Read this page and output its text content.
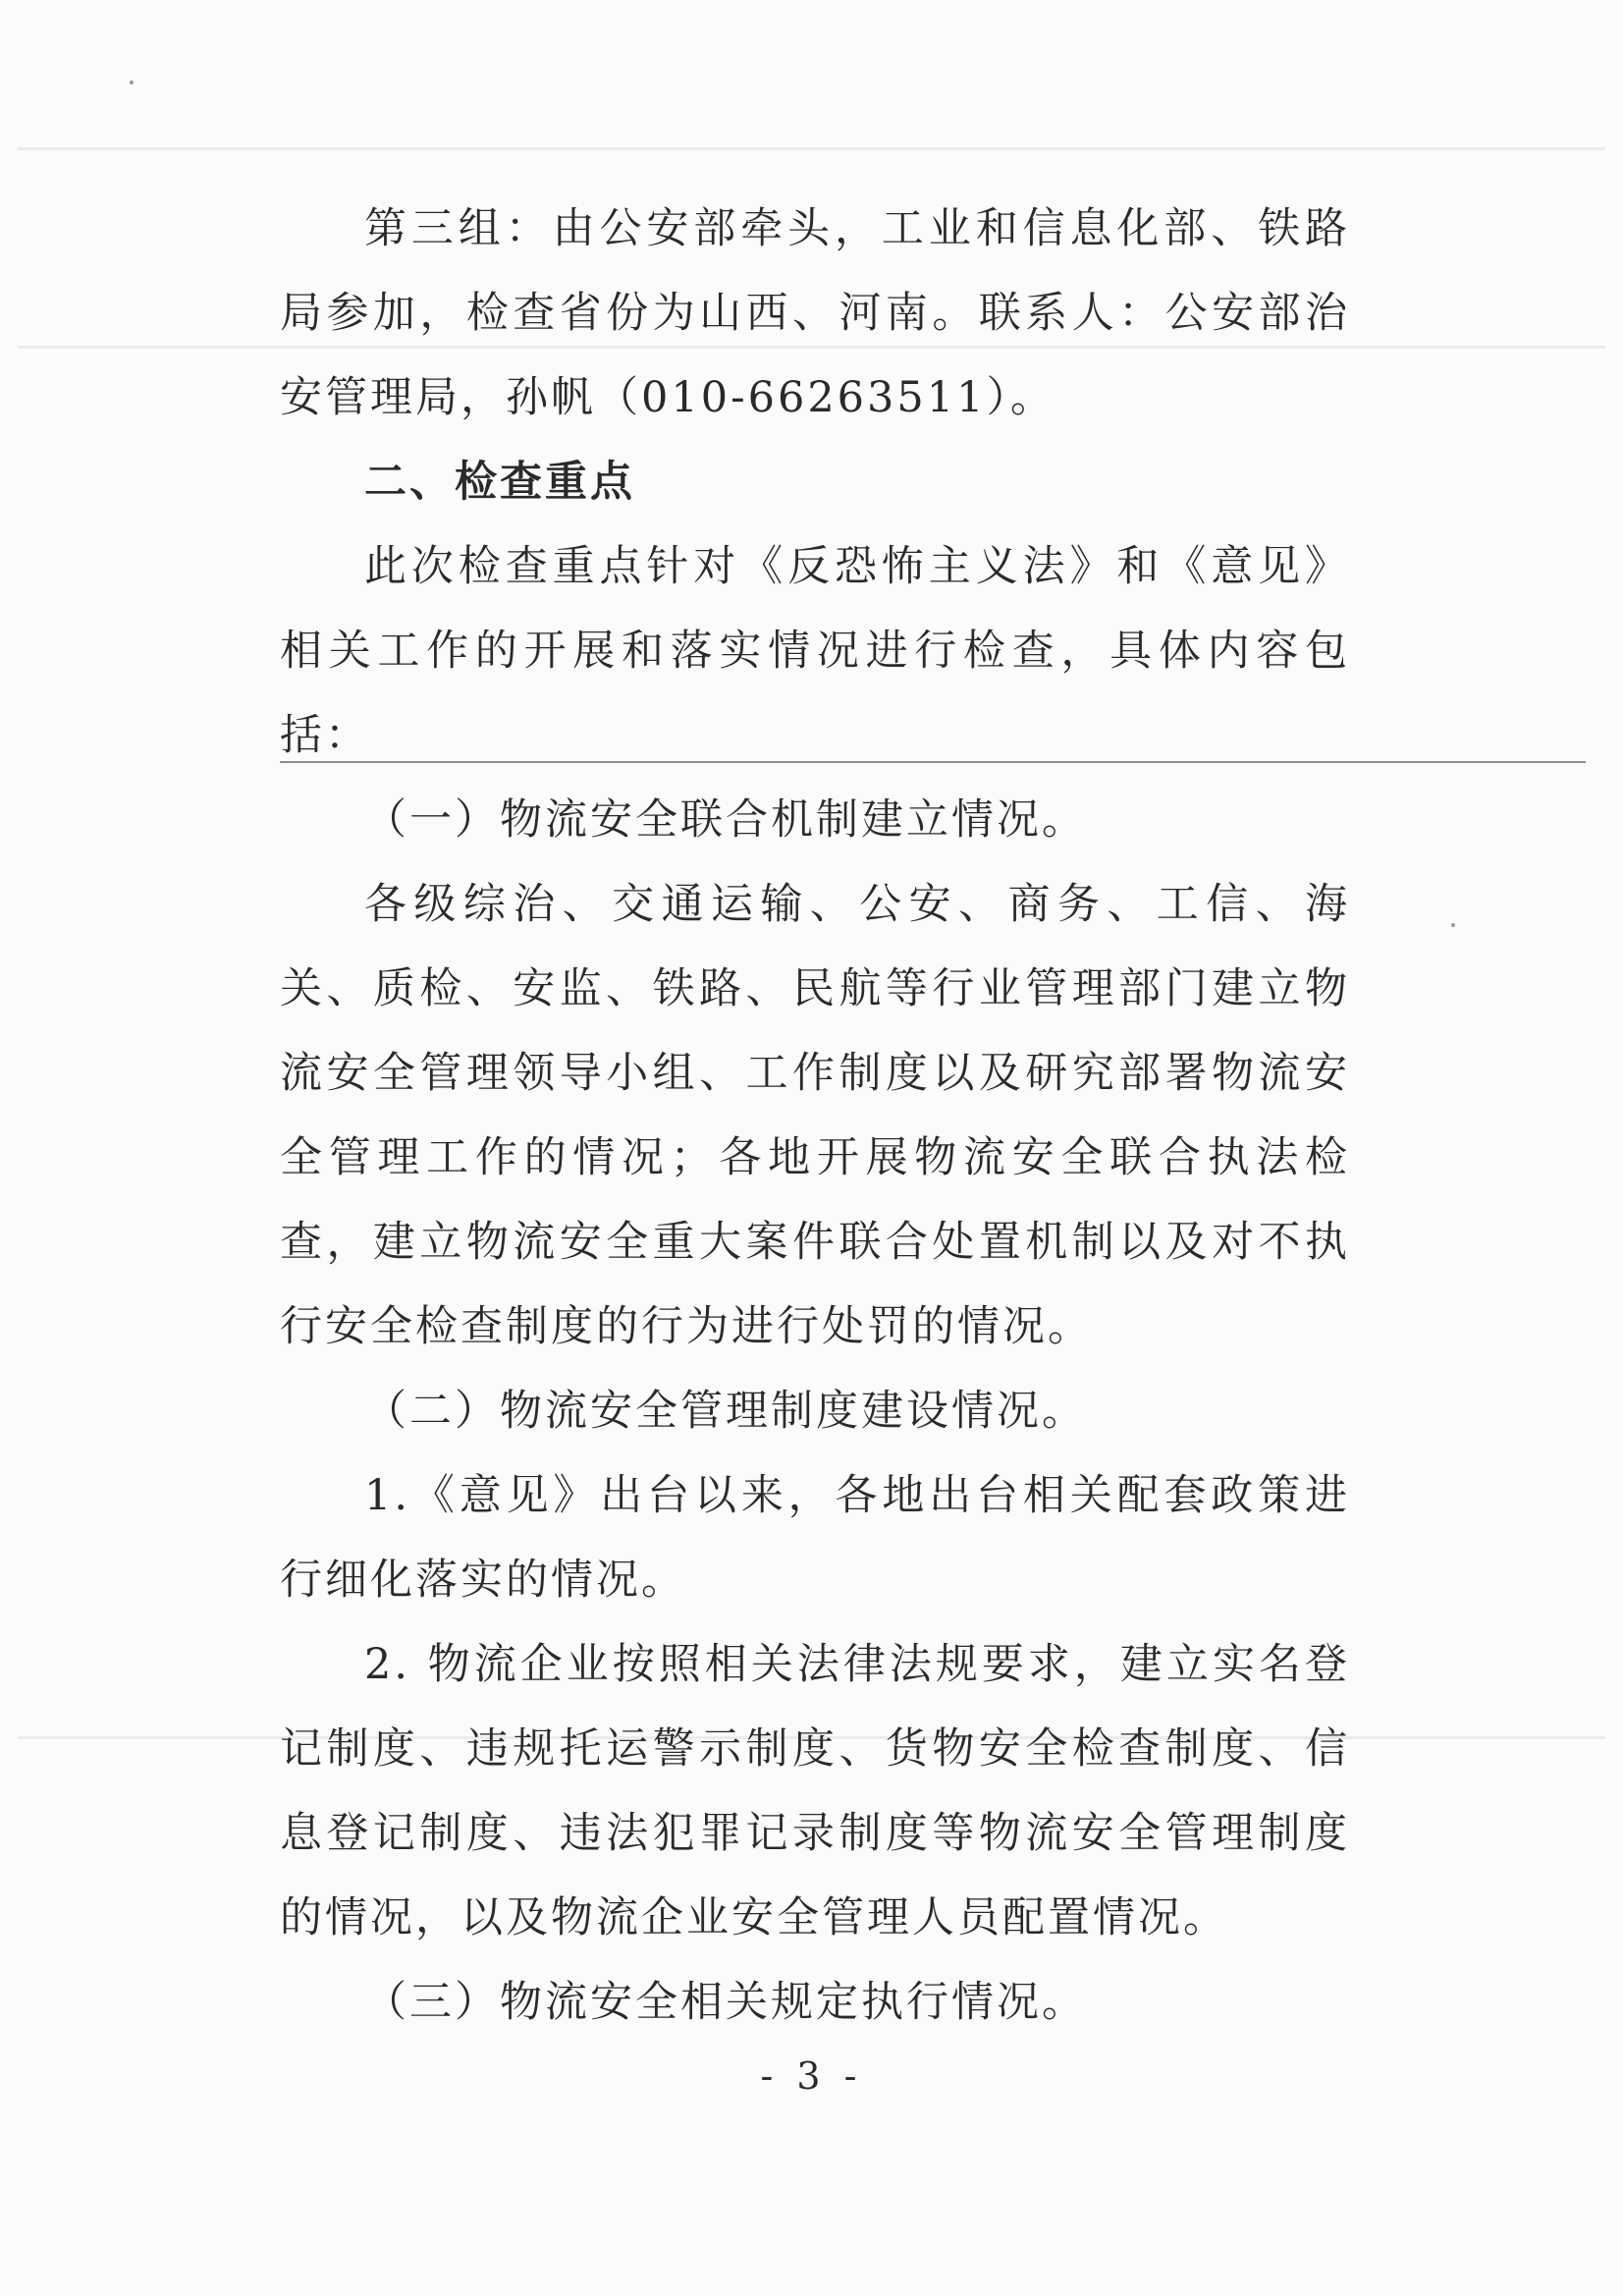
第三组：由公安部牵头，工业和信息化部、铁路局参加，检查省份为山西、河南。联系人：公安部治安管理局，孙帆（010-66263511）。

二、检查重点

此次检查重点针对《反恐怖主义法》和《意见》相关工作的开展和落实情况进行检查，具体内容包括：

（一）物流安全联合机制建立情况。

各级综治、交通运输、公安、商务、工信、海关、质检、安监、铁路、民航等行业管理部门建立物流安全管理领导小组、工作制度以及研究部署物流安全管理工作的情况；各地开展物流安全联合执法检查，建立物流安全重大案件联合处置机制以及对不执行安全检查制度的行为进行处罚的情况。

（二）物流安全管理制度建设情况。

1.《意见》出台以来，各地出台相关配套政策进行细化落实的情况。

2. 物流企业按照相关法律法规要求，建立实名登记制度、违规托运警示制度、货物安全检查制度、信息登记制度、违法犯罪记录制度等物流安全管理制度的情况，以及物流企业安全管理人员配置情况。

（三）物流安全相关规定执行情况。

- 3 -
